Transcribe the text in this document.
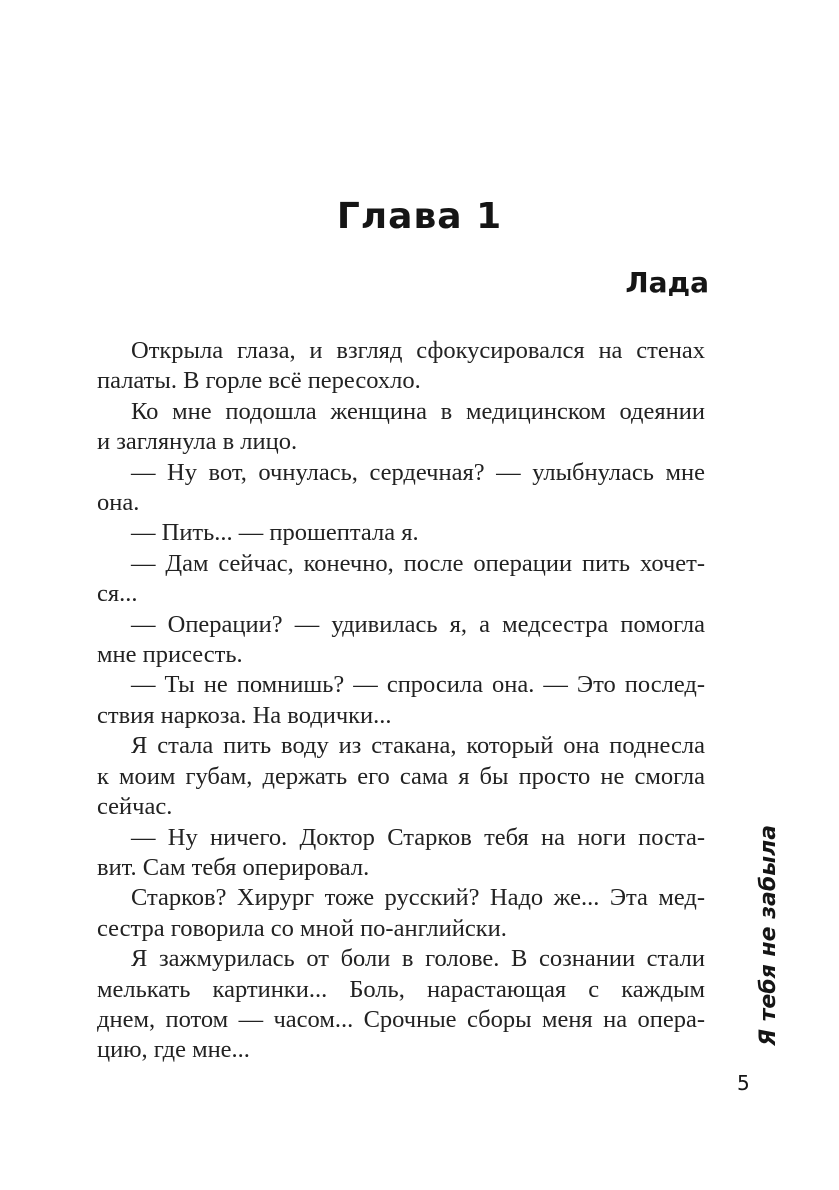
Глава 1
Лада
Открыла глаза, и взгляд сфокусировался на стенах
палаты. В горле всё пересохло.
Ко мне подошла женщина в медицинском одеянии
и заглянула в лицо.
— Ну вот, очнулась, сердечная? — улыбнулась мне
она.
— Пить... — прошептала я.
— Дам сейчас, конечно, после операции пить хочет-
ся...
— Операции? — удивилась я, а медсестра помогла
мне присесть.
— Ты не помнишь? — спросила она. — Это послед-
ствия наркоза. На водички...
Я стала пить воду из стакана, который она поднесла
к моим губам, держать его сама я бы просто не смогла
сейчас.
— Ну ничего. Доктор Старков тебя на ноги поста-
вит. Сам тебя оперировал.
Старков? Хирург тоже русский? Надо же... Эта мед-
сестра говорила со мной по-английски.
Я зажмурилась от боли в голове. В сознании стали
мелькать картинки... Боль, нарастающая с каждым
днем, потом — часом... Срочные сборы меня на опера-
цию, где мне...
Я тебя не забыла
5
